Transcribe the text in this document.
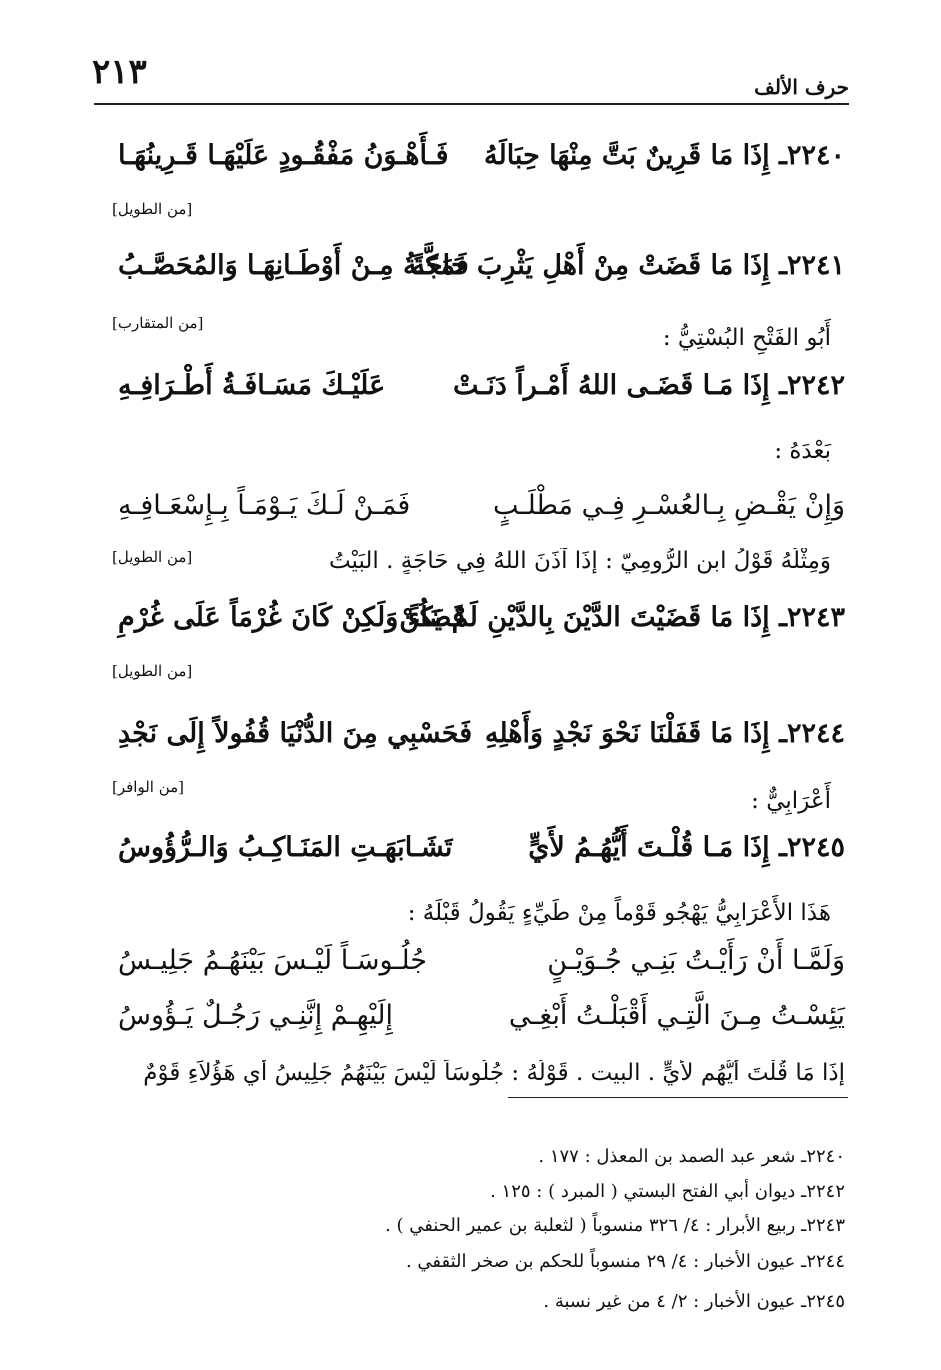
٢١٣	حرف الألف
٢٢٤٠ـ إِذَا مَا قَرِينٌ بَتَّ مِنْهَا حِبَالَهُ
فَـأَهْـوَنُ مَفْقُـودٍ عَلَيْهَـا قَـرِينُهَـا
[من الطويل]
٢٢٤١ـ إِذَا مَا قَضَتْ مِنْ أَهْلِ يَثْرِبَ حَاجَةً
فَمَكَّـةُ مِـنْ أَوْطَـانِهَـا وَالمُحَصَّـبُ
[من المتقارب]
أَبُو الفَتْحِ البُسْتِيُّ :
٢٢٤٢ـ إِذَا مَـا قَضَـى اللهُ أَمْـراً دَنَـتْ
عَلَيْـكَ مَسَـافَـةُ أَطْـرَافِـهِ
بَعْدَهُ :
وَإِنْ يَقْـضِ بِـالعُسْـرِ فِـي مَطْلَـبٍ
فَمَـنْ لَـكَ يَـوْمَـاً بِـإِسْعَـافِـهِ
وَمِثْلُهُ قَوْلُ ابن الرُّومِيّ : إِذَا آذَنَ اللهُ فِي حَاجَةٍ . البَيْتُ
[من الطويل]
٢٢٤٣ـ إِذَا مَا قَضَيْتَ الدَّيْنَ بِالدَّيْنِ لَمْ يَكُنْ
قَضَاءً وَلَكِنْ كَانَ غُرْمَاً عَلَى غُرْمِ
[من الطويل]
٢٢٤٤ـ إِذَا مَا قَفَلْنَا نَحْوَ نَجْدٍ وَأَهْلِهِ
فَحَسْبِي مِنَ الدُّنْيَا قُفُولاً إِلَى نَجْدِ
[من الوافر]
أَعْرَابِيٌّ :
٢٢٤٥ـ إِذَا مَـا قُلْـتَ أَيُّهُـمُ لأَيٍّ
تَشَـابَهَـتِ المَنَـاكِـبُ وَالـرُّؤُوسُ
هَذَا الأَعْرَابِيُّ يَهْجُو قَوْماً مِنْ طَيِّءٍ يَقُولُ قَبْلَهُ :
وَلَمَّـا أَنْ رَأَيْـتُ بَنِـي جُـوَيْـنٍ
جُلُـوسَـاً لَيْـسَ بَيْنَهُـمُ جَلِيـسُ
يَئِسْـتُ مِـنَ الَّتِـي أَقْبَلْـتُ أَبْغِـي
إِلَيْهِـمْ إِنَّنِـي رَجُـلٌ يَـؤُوسُ
إِذَا مَا قُلْتَ أَيُّهُم لأَيٍّ . البيت . قَوْلُهُ : جُلُوسَاً لَيْسَ بَيْنَهُمُ جَلِيسُ أي هَؤُلاَءِ قَوْمٌ
٢٢٤٠ـ شعر عبد الصمد بن المعذل : ١٧٧ .
٢٢٤٢ـ ديوان أبي الفتح البستي ( المبرد ) : ١٢٥ .
٢٢٤٣ـ ربيع الأبرار : ٤/ ٣٢٦ منسوباً ( لثعلبة بن عمير الحنفي ) .
٢٢٤٤ـ عيون الأخبار : ٤/ ٢٩ منسوباً للحكم بن صخر الثقفي .
٢٢٤٥ـ عيون الأخبار : ٢/ ٤ من غير نسبة .
